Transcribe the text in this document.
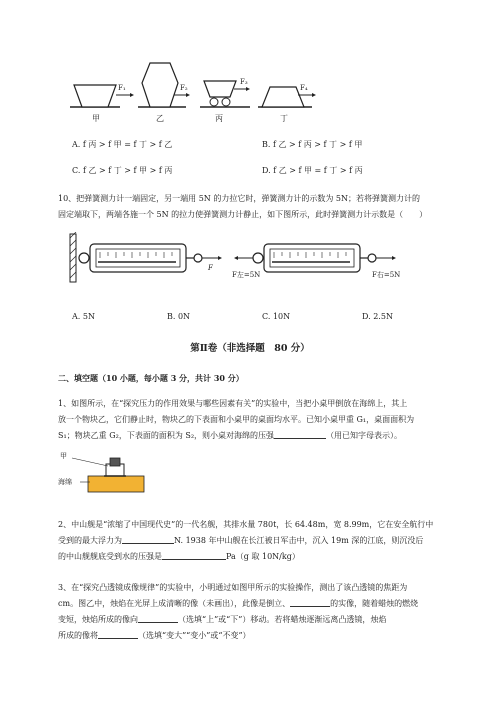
F₁	F₂
F₃
F₄
甲	乙	丙	丁
A. f 丙 > f 甲 = f 丁 > f 乙	B. f 乙 > f 丙 > f 丁 > f 甲
C. f 乙 > f 丁 > f 甲 > f 丙	D. f 乙 > f 甲 = f 丁 > f 丙
10、把弹簧测力计一端固定，另一端用 5N 的力拉它时，弹簧测力计的示数为 5N；若将弹簧测力计的
固定端取下，两端各施一个 5N 的拉力使弹簧测力计静止，如下图所示，此时弹簧测力计示数是（　　）
F
F左=5N	F右=5N
A. 5N	B. 0N	C. 10N	D. 2.5N
第Ⅱ卷（非选择题　80 分）
二、填空题（10 小题，每小题 3 分，共计 30 分）
1、如图所示，在“探究压力的作用效果与哪些因素有关”的实验中，当把小桌甲倒放在海绵上，其上
放一个物块乙，它们静止时，物块乙的下表面和小桌甲的桌面均水平。已知小桌甲重 G₁，桌面面积为
S₁；物块乙重 G₂，下表面的面积为 S₂，则小桌对海绵的压强	（用已知字母表示）。
甲
海绵
2、中山舰是“浓缩了中国现代史”的一代名舰，其排水量 780t，长 64.48m，宽 8.99m，它在安全航行中
受到的最大浮力为	N. 1938 年中山舰在长江被日军击中，沉入 19m 深的江底，则沉没后
的中山舰舰底受到水的压强是	Pa（g 取 10N/kg）
3、在“探究凸透镜成像规律”的实验中，小明通过如图甲所示的实验操作，测出了该凸透镜的焦距为
cm。图乙中，烛焰在光屏上成清晰的像（未画出），此像是倒立、	的实像，随着蜡烛的燃烧
变短，烛焰所成的像向	（选填“上”或“下”）移动。若将蜡烛逐渐远离凸透镜，烛焰
所成的像将	（选填“变大”“变小”或“不变”）
